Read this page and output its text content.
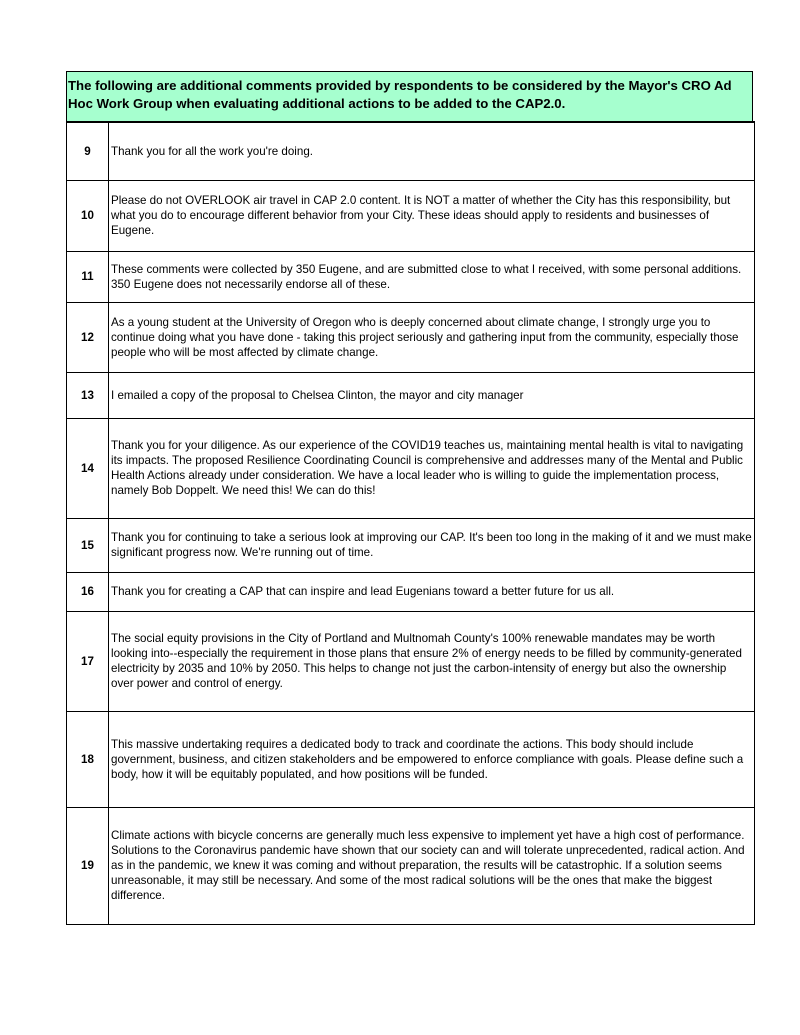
The following are additional comments provided by respondents to be considered by the Mayor's CRO Ad Hoc Work Group when evaluating additional actions to be added to the CAP2.0.
9	Thank you for all the work you're doing.
10	Please do not OVERLOOK air travel in CAP 2.0 content. It is NOT a matter of whether the City has this responsibility, but what you do to encourage different behavior from your City. These ideas should apply to residents and businesses of Eugene.
11	These comments were collected by 350 Eugene, and are submitted close to what I received, with some personal additions. 350 Eugene does not necessarily endorse all of these.
12	As a young student at the University of Oregon who is deeply concerned about climate change, I strongly urge you to continue doing what you have done - taking this project seriously and gathering input from the community, especially those people who will be most affected by climate change.
13	I emailed a copy of the proposal to Chelsea Clinton, the mayor and city manager
14	Thank you for your diligence. As our experience of the COVID19 teaches us, maintaining mental health is vital to navigating its impacts. The proposed Resilience Coordinating Council is comprehensive and addresses many of the Mental and Public Health Actions already under consideration. We have a local leader who is willing to guide the implementation process, namely Bob Doppelt. We need this! We can do this!
15	Thank you for continuing to take a serious look at improving our CAP. It's been too long in the making of it and we must make significant progress now. We're running out of time.
16	Thank you for creating a CAP that can inspire and lead Eugenians toward a better future for us all.
17	The social equity provisions in the City of Portland and Multnomah County's 100% renewable mandates may be worth looking into--especially the requirement in those plans that ensure 2% of energy needs to be filled by community-generated electricity by 2035 and 10% by 2050. This helps to change not just the carbon-intensity of energy but also the ownership over power and control of energy.
18	This massive undertaking requires a dedicated body to track and coordinate the actions. This body should include government, business, and citizen stakeholders and be empowered to enforce compliance with goals. Please define such a body, how it will be equitably populated, and how positions will be funded.
19	Climate actions with bicycle concerns are generally much less expensive to implement yet have a high cost of performance. Solutions to the Coronavirus pandemic have shown that our society can and will tolerate unprecedented, radical action. And as in the pandemic, we knew it was coming and without preparation, the results will be catastrophic. If a solution seems unreasonable, it may still be necessary. And some of the most radical solutions will be the ones that make the biggest difference.
